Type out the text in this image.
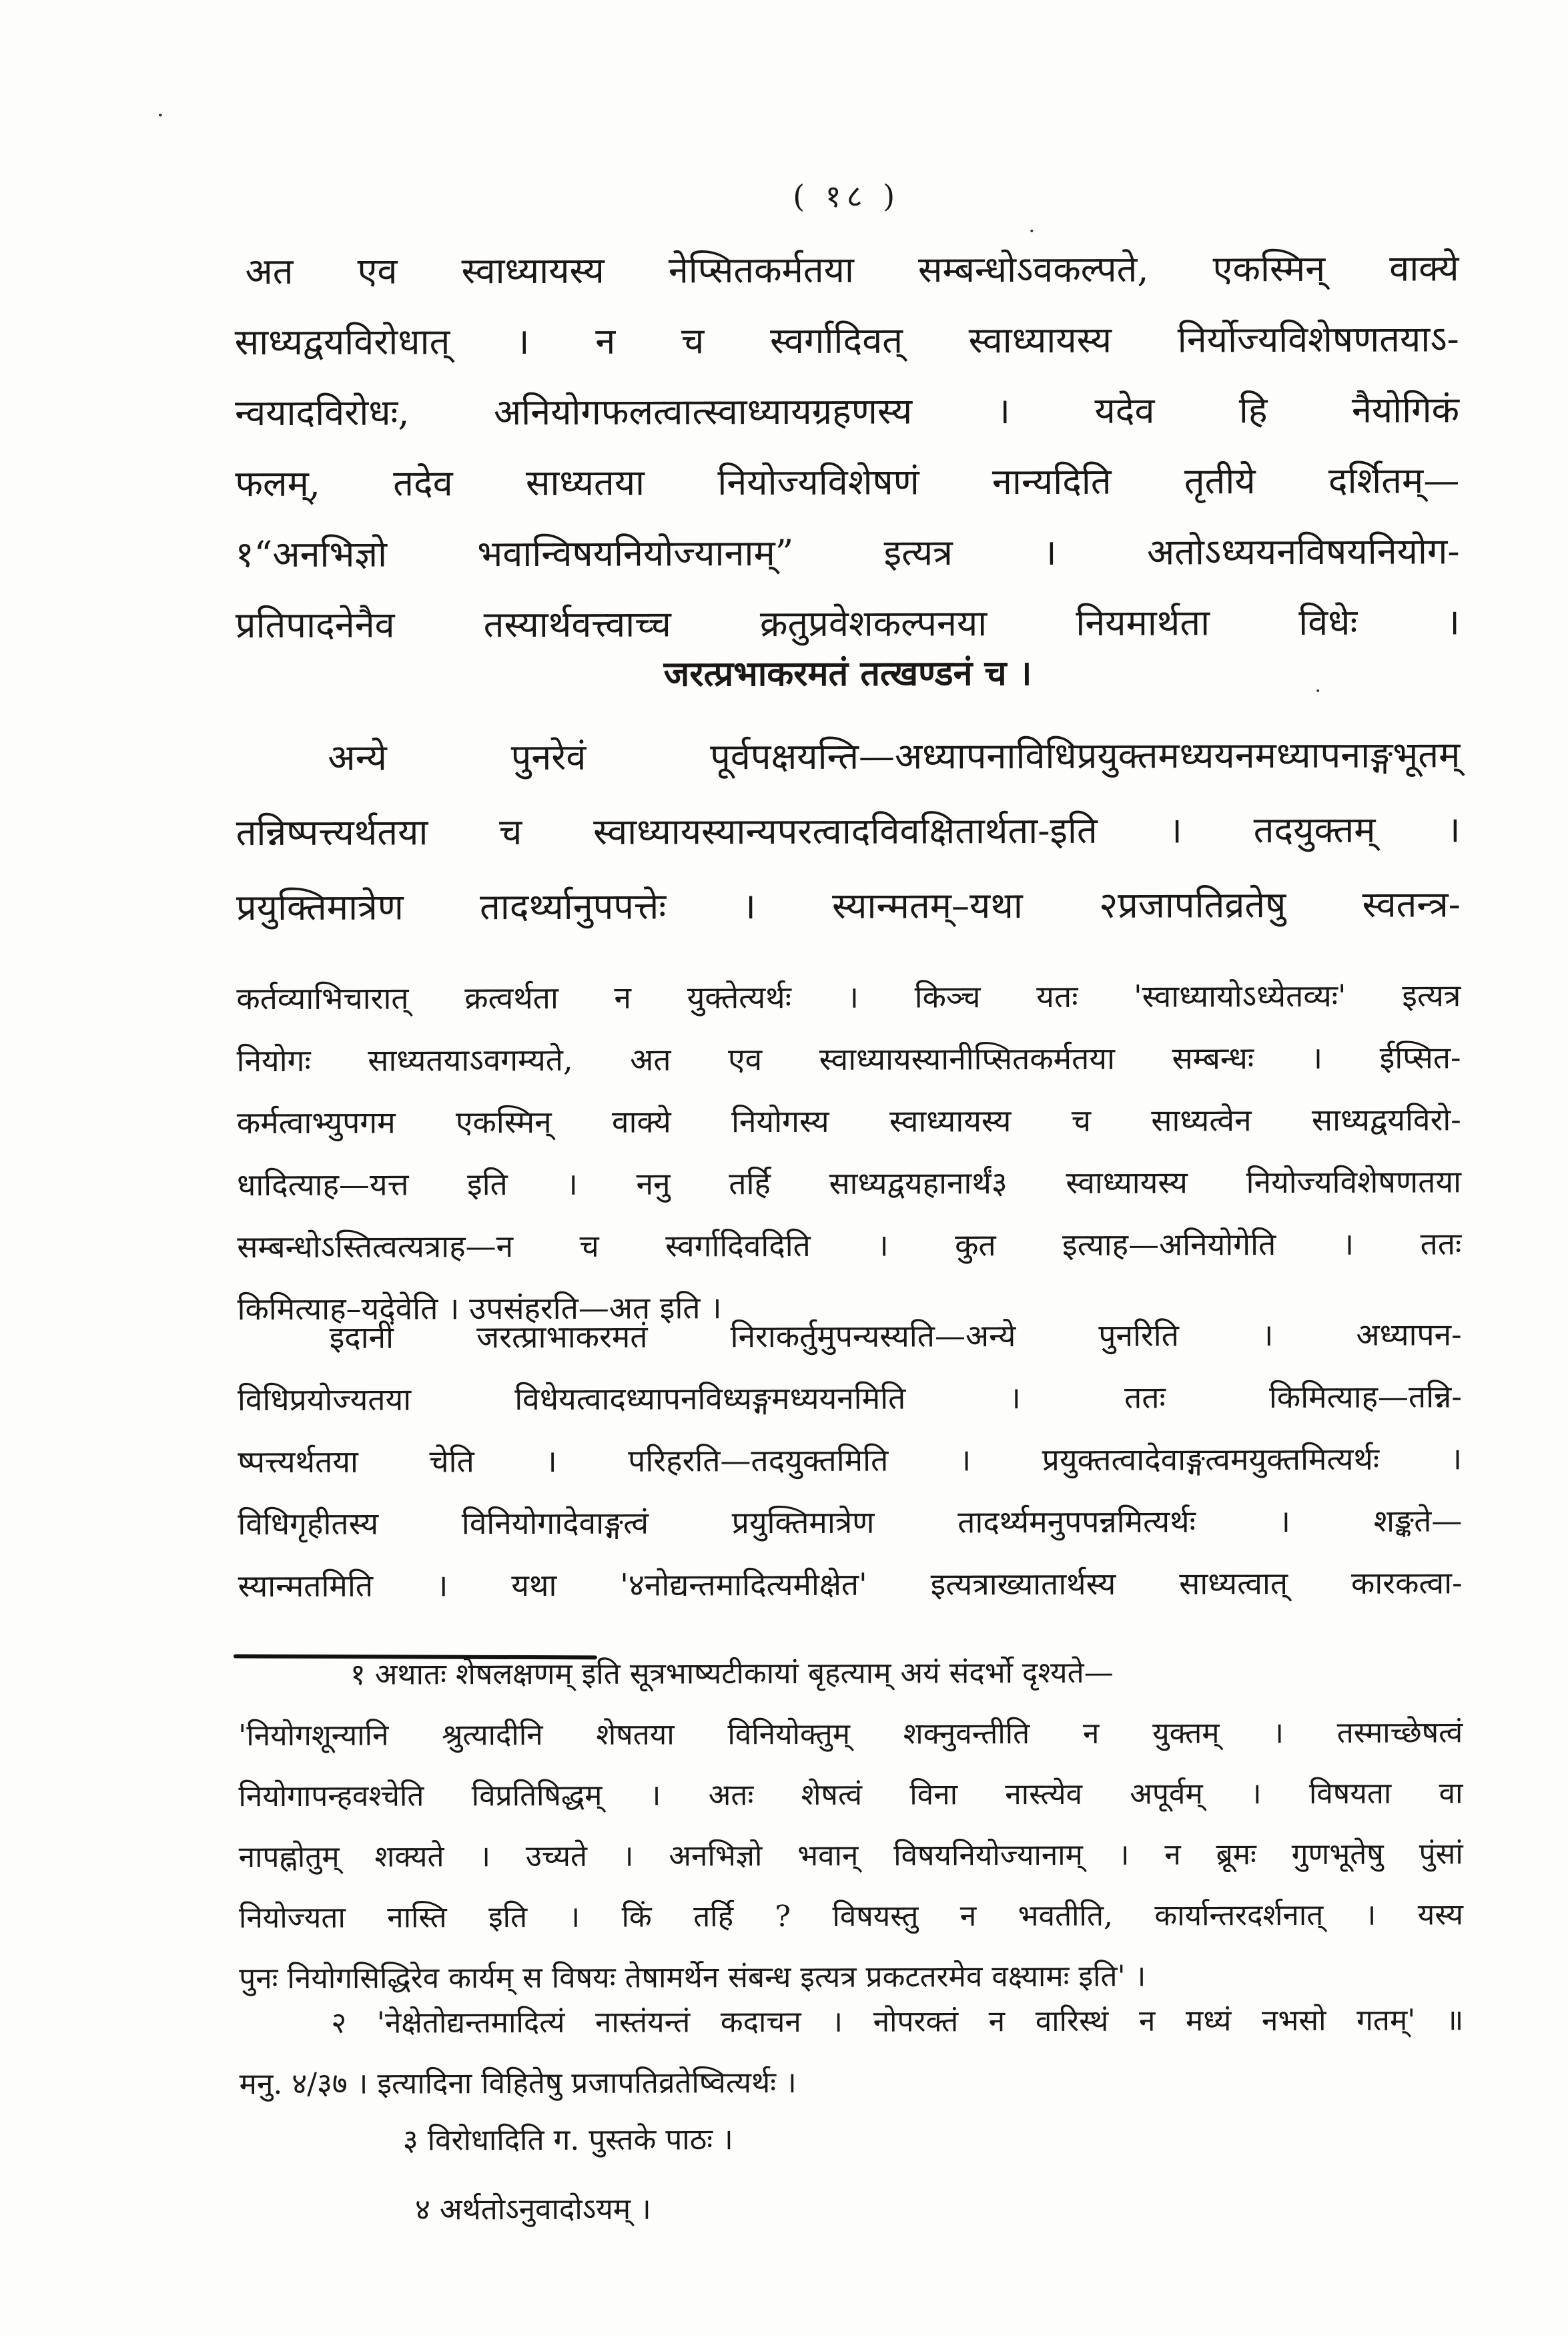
( १८ )
अत एव स्वाध्यायस्य नेप्सितकर्मतया सम्बन्धोऽवकल्पते, एकस्मिन् वाक्ये
साध्यद्वयविरोधात् । न च स्वर्गादिवत् स्वाध्यायस्य निर्योज्यविशेषणतयाऽ-
न्वयादविरोधः, अनियोगफलत्वात्स्वाध्यायग्रहणस्य । यदेव हि नैयोगिकं
फलम्, तदेव साध्यतया नियोज्यविशेषणं नान्यदिति तृतीये दर्शितम्—
१“अनभिज्ञो भवान्विषयनियोज्यानाम्” इत्यत्र । अतोऽध्ययनविषयनियोग-
प्रतिपादनेनैव तस्यार्थवत्त्वाच्च क्रतुप्रवेशकल्पनया नियमार्थता विधेः ।
जरत्प्रभाकरमतं तत्खण्डनं च ।
अन्ये पुनरेवं पूर्वपक्षयन्ति—अध्यापनाविधिप्रयुक्तमध्ययनमध्यापनाङ्गभूतम्
तन्निष्पत्त्यर्थतया च स्वाध्यायस्यान्यपरत्वादविवक्षितार्थता-इति । तदयुक्तम् ।
प्रयुक्तिमात्रेण तादर्थ्यानुपपत्तेः । स्यान्मतम्–यथा २प्रजापतिव्रतेषु स्वतन्त्र-
कर्तव्याभिचारात् क्रत्वर्थता न युक्तेत्यर्थः । किञ्च यतः 'स्वाध्यायोऽध्येतव्यः' इत्यत्र
नियोगः साध्यतयाऽवगम्यते, अत एव स्वाध्यायस्यानीप्सितकर्मतया सम्बन्धः । ईप्सित-
कर्मत्वाभ्युपगम एकस्मिन् वाक्ये नियोगस्य स्वाध्यायस्य च साध्यत्वेन साध्यद्वयविरो-
धादित्याह—यत्त इति । ननु तर्हि साध्यद्वयहानार्थं३ स्वाध्यायस्य नियोज्यविशेषणतया
सम्बन्धोऽस्तित्वत्यत्राह—न च स्वर्गादिवदिति । कुत इत्याह—अनियोगेति । ततः
किमित्याह–यदेवेति । उपसंहरति—अत इति ।
इदानीं जरत्प्राभाकरमतं निराकर्तुमुपन्यस्यति—अन्ये पुनरिति । अध्यापन-
विधिप्रयोज्यतया विधेयत्वादध्यापनविध्यङ्गमध्ययनमिति । ततः किमित्याह—तन्नि-
ष्पत्त्यर्थतया चेति । परिहरति—तदयुक्तमिति । प्रयुक्तत्वादेवाङ्गत्वमयुक्तमित्यर्थः ।
विधिगृहीतस्य विनियोगादेवाङ्गत्वं प्रयुक्तिमात्रेण तादर्थ्यमनुपपन्नमित्यर्थः । शङ्कते—
स्यान्मतमिति । यथा '४नोद्यन्तमादित्यमीक्षेत' इत्यत्राख्यातार्थस्य साध्यत्वात् कारकत्वा-
१ अथातः शेषलक्षणम् इति सूत्रभाष्यटीकायां बृहत्याम् अयं संदर्भो दृश्यते—
'नियोगशून्यानि श्रुत्यादीनि शेषतया विनियोक्तुम् शक्नुवन्तीति न युक्तम् । तस्माच्छेषत्वं
नियोगापन्हवश्चेति विप्रतिषिद्धम् । अतः शेषत्वं विना नास्त्येव अपूर्वम् । विषयता वा
नापह्नोतुम् शक्यते । उच्यते । अनभिज्ञो भवान् विषयनियोज्यानाम् । न ब्रूमः गुणभूतेषु पुंसां
नियोज्यता नास्ति इति । किं तर्हि ? विषयस्तु न भवतीति, कार्यान्तरदर्शनात् । यस्य
पुनः नियोगसिद्धिरेव कार्यम् स विषयः तेषामर्थेन संबन्ध इत्यत्र प्रकटतरमेव वक्ष्यामः इति' ।
२ 'नेक्षेतोद्यन्तमादित्यं नास्तंयन्तं कदाचन । नोपरक्तं न वारिस्थं न मध्यं नभसो गतम्' ॥
मनु. ४/३७ । इत्यादिना विहितेषु प्रजापतिव्रतेष्वित्यर्थः ।
३ विरोधादिति ग. पुस्तके पाठः ।
४ अर्थतोऽनुवादोऽयम् ।
